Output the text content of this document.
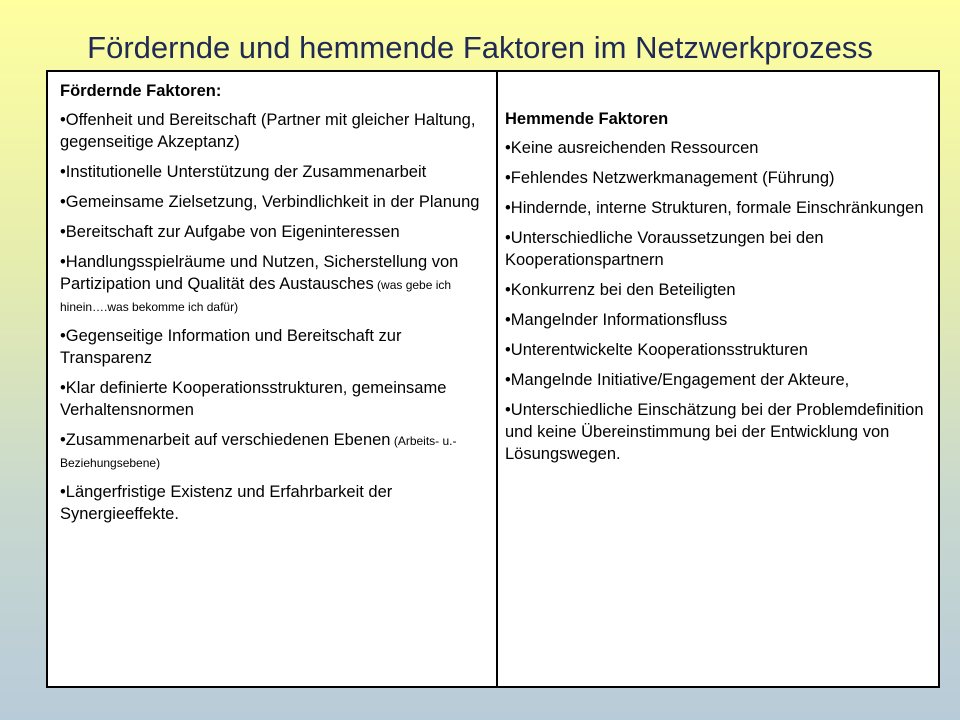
Fördernde und hemmende Faktoren im Netzwerkprozess
Fördernde Faktoren:
•Offenheit und Bereitschaft (Partner mit gleicher Haltung, gegenseitige Akzeptanz)
•Institutionelle Unterstützung der Zusammenarbeit
•Gemeinsame Zielsetzung, Verbindlichkeit in der Planung
•Bereitschaft zur Aufgabe von Eigeninteressen
•Handlungsspielräume und Nutzen, Sicherstellung von Partizipation und Qualität des Austausches (was gebe ich hinein….was bekomme ich dafür)
•Gegenseitige Information und Bereitschaft zur Transparenz
•Klar definierte Kooperationsstrukturen, gemeinsame Verhaltensnormen
•Zusammenarbeit auf verschiedenen Ebenen (Arbeits- u.- Beziehungsebene)
•Längerfristige Existenz und Erfahrbarkeit der Synergieeffekte.
Hemmende Faktoren
•Keine ausreichenden Ressourcen
•Fehlendes Netzwerkmanagement (Führung)
•Hindernde, interne Strukturen, formale Einschränkungen
•Unterschiedliche Voraussetzungen bei den Kooperationspartnern
•Konkurrenz bei den Beteiligten
•Mangelnder Informationsfluss
•Unterentwickelte Kooperationsstrukturen
•Mangelnde Initiative/Engagement der Akteure,
•Unterschiedliche Einschätzung bei der Problemdefinition und keine Übereinstimmung bei der Entwicklung von Lösungswegen.
